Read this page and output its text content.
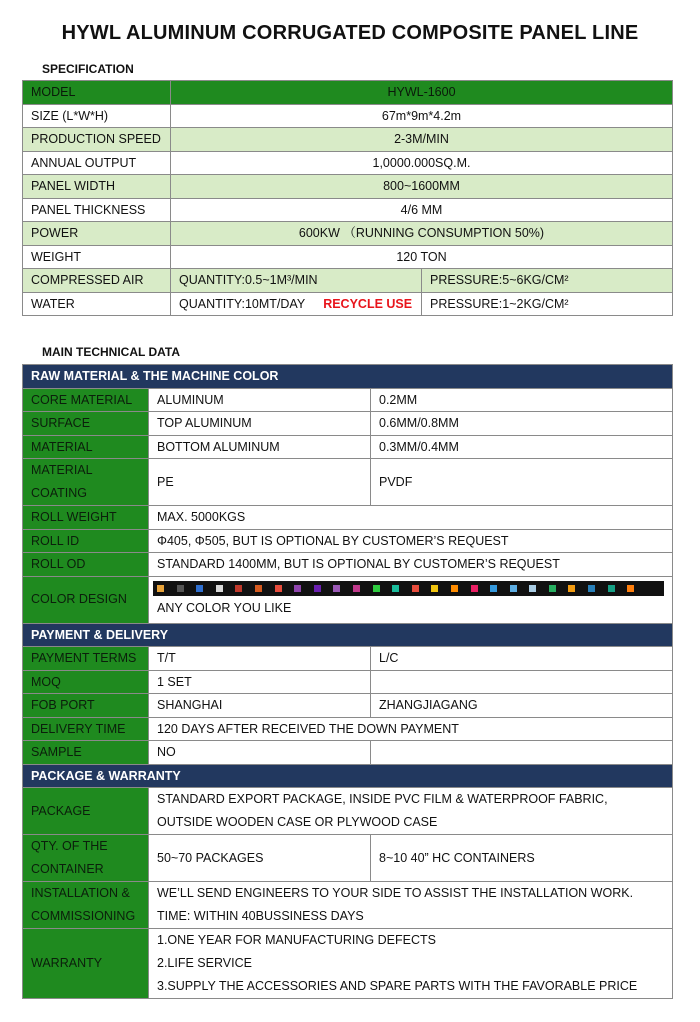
HYWL ALUMINUM CORRUGATED COMPOSITE PANEL LINE
SPECIFICATION
MODEL	HYWL-1600	
SIZE (L*W*H)	67m*9m*4.2m	
PRODUCTION SPEED	2-3M/MIN	
ANNUAL OUTPUT	1,0000.000SQ.M.	
PANEL WIDTH	800~1600MM	
PANEL THICKNESS	4/6 MM	
POWER	600KW （RUNNING CONSUMPTION 50%)	
WEIGHT	120 TON	
COMPRESSED AIR	QUANTITY:0.5~1M³/MIN	PRESSURE:5~6KG/CM²
WATER	QUANTITY:10MT/DAY RECYCLE USE	PRESSURE:1~2KG/CM²
MAIN TECHNICAL DATA
RAW MATERIAL & THE MACHINE COLOR		
CORE MATERIAL	ALUMINUM	0.2MM
SURFACE	TOP ALUMINUM	0.6MM/0.8MM
MATERIAL	BOTTOM ALUMINUM	0.3MM/0.4MM

MATERIAL
COATING	PE	PVDF
ROLL WEIGHT	MAX. 5000KGS	
ROLL ID	Φ405, Φ505, BUT IS OPTIONAL BY CUSTOMER’S REQUEST	
ROLL OD	STANDARD 1400MM, BUT IS OPTIONAL BY CUSTOMER’S REQUEST	
COLOR DESIGN	ANY COLOR YOU LIKE	

PAYMENT & DELIVERY		
PAYMENT TERMS	T/T	L/C
MOQ	1 SET	
FOB PORT	SHANGHAI	ZHANGJIAGANG
DELIVERY TIME	120 DAYS AFTER RECEIVED THE DOWN PAYMENT	
SAMPLE	NO	
PACKAGE & WARRANTY		
PACKAGE	STANDARD EXPORT PACKAGE, INSIDE PVC FILM & WATERPROOF FABRIC,
OUTSIDE WOODEN CASE OR PLYWOOD CASE	

QTY. OF THE
CONTAINER	50~70 PACKAGES	8~10 40” HC CONTAINERS

INSTALLATION &
COMMISSIONING	WE’LL SEND ENGINEERS TO YOUR SIDE TO ASSIST THE INSTALLATION WORK.
TIME: WITHIN 40BUSSINESS DAYS	

WARRANTY	1.ONE YEAR FOR MANUFACTURING DEFECTS
2.LIFE SERVICE
3.SUPPLY THE ACCESSORIES AND SPARE PARTS WITH THE FAVORABLE PRICE	
